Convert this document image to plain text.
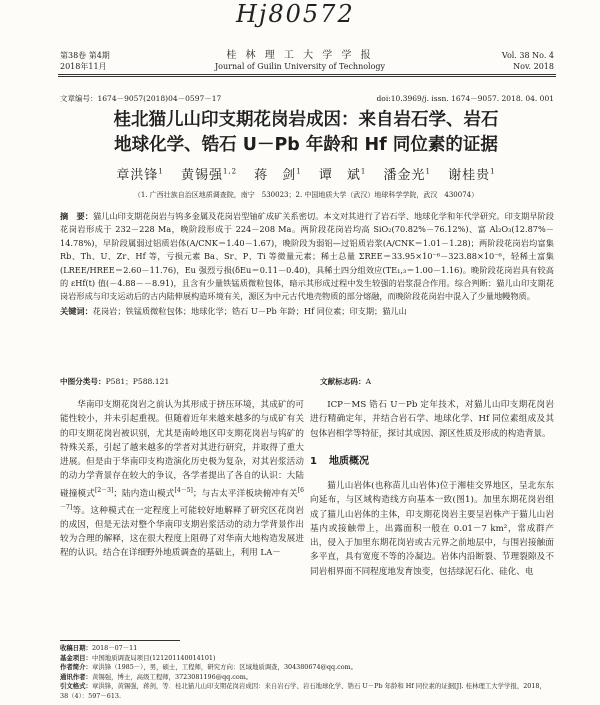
Hj80572
第38卷 第4期
2018年11月
桂 林 理 工 大 学 学 报
Journal of Guilin University of Technology
Vol. 38 No. 4
Nov. 2018
文章编号：1674－9057(2018)04－0597－17	doi:10.3969/j. issn. 1674－9057. 2018. 04. 001
桂北猫儿山印支期花岗岩成因：来自岩石学、岩石
地球化学、锆石 U－Pb 年龄和 Hf 同位素的证据
章洪锋$^1$ 黄锡强$^{1,2}$ 蒋　剑$^1$ 谭　斌$^1$ 潘金光$^1$ 谢桂贵$^1$
（1. 广西壮族自治区地质调查院，南宁　530023；2. 中国地质大学（武汉）地球科学学院，武汉　430074）
摘　要：猫儿山印支期花岗岩与钨多金属及花岗岩型铀矿成矿关系密切。本文对其进行了岩石学、地球化学和年代学研究。印支期早阶段花岗岩形成于 232－228 Ma，晚阶段形成于 224－208 Ma。两阶段花岗岩均高 SiO₂(70.82%－76.12%)、富 Al₂O₃(12.87%－14.78%)，早阶段属弱过铝质岩体(A/CNK＝1.40－1.67)，晚阶段为弱铝—过铝质岩浆(A/CNK＝1.01－1.28)；两阶段花岗岩均富集 Rb、Th、U、Zr、Hf 等，亏损元素 Ba、Sr、P、Ti 等微量元素；稀土总量 ΣREE＝33.95×10⁻⁶－323.88×10⁻⁶，轻稀土富集(LREE/HREE＝2.60－11.76)，Eu 强烈亏损(δEu＝0.11－0.40)，具稀土四分组效应(TE₁,₃＝1.00－1.16)。晚阶段花岗岩具有较高的 εHf(t) 值(－4.88－－8.91)，且含有少量铁锰质微粒包体，暗示其形成过程中发生较强的岩浆混合作用。综合判断：猫儿山印支期花岗岩形成与印支运动后的古内陆伸展构造环境有关，源区为中元古代地壳物质的部分熔融，而晚阶段花岗岩中混入了少量地幔物质。
关键词：花岗岩；铁锰质微粒包体；地球化学；锆石 U－Pb 年龄；Hf 同位素；印支期；猫儿山
中图分类号：P581；P588.121	文献标志码：A

华南印支期花岗岩之前认为其形成于挤压环境，其成矿的可能性较小，并未引起重视。但随着近年来越来越多的与成矿有关的印支期花岗岩被识别，尤其是南岭地区印支期花岗岩与钨矿的特殊关系，引起了越来越多的学者对其进行研究，并取得了重大进展。但是由于华南印支构造演化历史极为复杂，对其岩浆活动的动力学背景存在较大的争议，各学者提出了各自的认识：大陆碰撞模式[2－3]；陆内造山模式[4－5]；与古太平洋板块俯冲有关[6－7]等。这种模式在一定程度上可能较好地解释了研究区花岗岩的成因，但是无法对整个华南印支期岩浆活动的动力学背景作出较为合理的解释，这在很大程度上阻碍了对华南大地构造发展进程的认识。结合在详细野外地质调查的基础上，利用 LA－

ICP－MS 锆石 U－Pb 定年技术，对猫儿山印支期花岗岩进行精确定年，并结合岩石学、地球化学、Hf 同位素组成及其包体岩相学等特征，探讨其成因、源区性质及形成的构造背景。

1 地质概况

猫儿山岩体(也称苗儿山岩体)位于湘桂交界地区，呈北东东向延布，与区域构造线方向基本一致(图1)。加里东期花岗岩组成了猫儿山岩体的主体，印支期花岗岩主要呈岩株产于猫儿山岩基内或接触带上，出露面积一般在 0.01－7 km²，常成群产出，侵入于加里东期花岗岩或古元界之前地层中，与围岩接触面多平直，具有宽度不等的冷凝边。岩体内沿断裂、节理裂隙及不同岩相界面不同程度地发育蚀变，包括绿泥石化、硅化、电

收稿日期：2018－07－11
基金项目：中国地质调查局项目(121201140014101)
作者简介：章洪锋（1985－），男，硕士，工程师，研究方向：区域地质调查，304380674@qq.com。
通讯作者：黄锡强，博士，高级工程师，3723081196@qq.com。
引文格式：章洪锋，黄锡强，蒋剑，等．桂北猫儿山印支期花岗岩成因：来自岩石学、岩石地球化学、锆石 U－Pb 年龄和 Hf 同位素的证据[J]. 桂林理工大学学报，2018，38（4）：597－613.
